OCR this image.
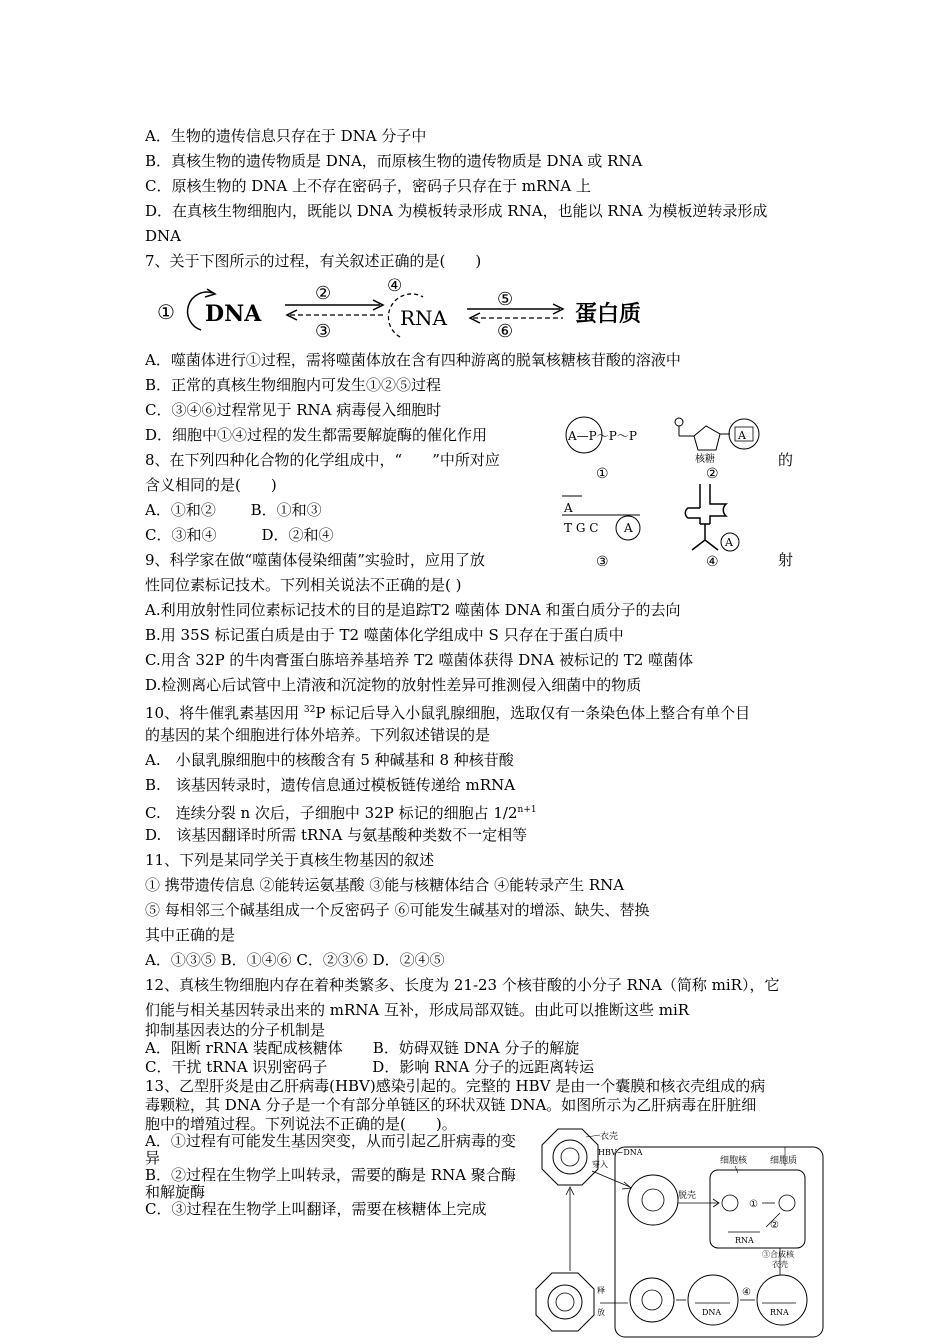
A．生物的遗传信息只存在于 DNA 分子中
B．真核生物的遗传物质是 DNA，而原核生物的遗传物质是 DNA 或 RNA
C．原核生物的 DNA 上不存在密码子，密码子只存在于 mRNA 上
D．在真核生物细胞内，既能以 DNA 为模板转录形成 RNA，也能以 RNA 为模板逆转录形成
DNA
7、关于下图所示的过程，有关叙述正确的是(　　)
① DNA
②
③
④
RNA
⑤
⑥
蛋白质
A．噬菌体进行①过程，需将噬菌体放在含有四种游离的脱氧核糖核苷酸的溶液中
B．正常的真核生物细胞内可发生①②⑤过程
C．③④⑥过程常见于 RNA 病毒侵入细胞时
D．细胞中①④过程的发生都需要解旋酶的催化作用
8、在下列四种化合物的化学组成中，“　　”中所对应	的
含义相同的是(　　)
A．①和②　　 B．①和③
C．③和④　　　D．②和④
A—P～P～P
①
A
核糖
②
A
T G C A
③
A
④
9、科学家在做“噬菌体侵染细菌”实验时，应用了放	射
性同位素标记技术。下列相关说法不正确的是( )
A.利用放射性同位素标记技术的目的是追踪T2 噬菌体 DNA 和蛋白质分子的去向
B.用 35S 标记蛋白质是由于 T2 噬菌体化学组成中 S 只存在于蛋白质中
C.用含 32P 的牛肉膏蛋白胨培养基培养 T2 噬菌体获得 DNA 被标记的 T2 噬菌体
D.检测离心后试管中上清液和沉淀物的放射性差异可推测侵入细菌中的物质
10、将牛催乳素基因用 $^{32}$P 标记后导入小鼠乳腺细胞，选取仅有一条染色体上整合有单个目
的基因的某个细胞进行体外培养。下列叙述错误的是
A.　小鼠乳腺细胞中的核酸含有 5 种碱基和 8 种核苷酸
B.　该基因转录时，遗传信息通过模板链传递给 mRNA
C.　连续分裂 n 次后，子细胞中 32P 标记的细胞占 $1/2^{n+1}$
D.　该基因翻译时所需 tRNA 与氨基酸种类数不一定相等
11、下列是某同学关于真核生物基因的叙述
① 携带遗传信息 ②能转运氨基酸 ③能与核糖体结合 ④能转录产生 RNA
⑤ 每相邻三个碱基组成一个反密码子 ⑥可能发生碱基对的增添、缺失、替换
其中正确的是
A．①③⑤ B．①④⑥ C．②③⑥ D．②④⑤
12、真核生物细胞内存在着种类繁多、长度为 21-23 个核苷酸的小分子 RNA（简称 miR），它
们能与相关基因转录出来的 mRNA 互补，形成局部双链。由此可以推断这些 miR
抑制基因表达的分子机制是
A．阻断 rRNA 装配成核糖体　　B．妨碍双链 DNA 分子的解旋
C．干扰 tRNA 识别密码子　　　D．影响 RNA 分子的远距离转运
13、乙型肝炎是由乙肝病毒(HBV)感染引起的。完整的 HBV 是由一个囊膜和核衣壳组成的病
毒颗粒，其 DNA 分子是一个有部分单链区的环状双链 DNA。如图所示为乙肝病毒在肝脏细
胞中的增殖过程。下列说法不正确的是(　　)。
A．①过程有可能发生基因突变，从而引起乙肝病毒的变异
B．②过程在生物学上叫转录，需要的酶是 RNA 聚合酶和解旋酶
C．③过程在生物学上叫翻译，需要在核糖体上完成
衣壳
HBV−DNA
穿入	细胞核	细胞质
脱壳
①
②
RNA
③合成核
衣壳
RNA
④
DNA
释
放
